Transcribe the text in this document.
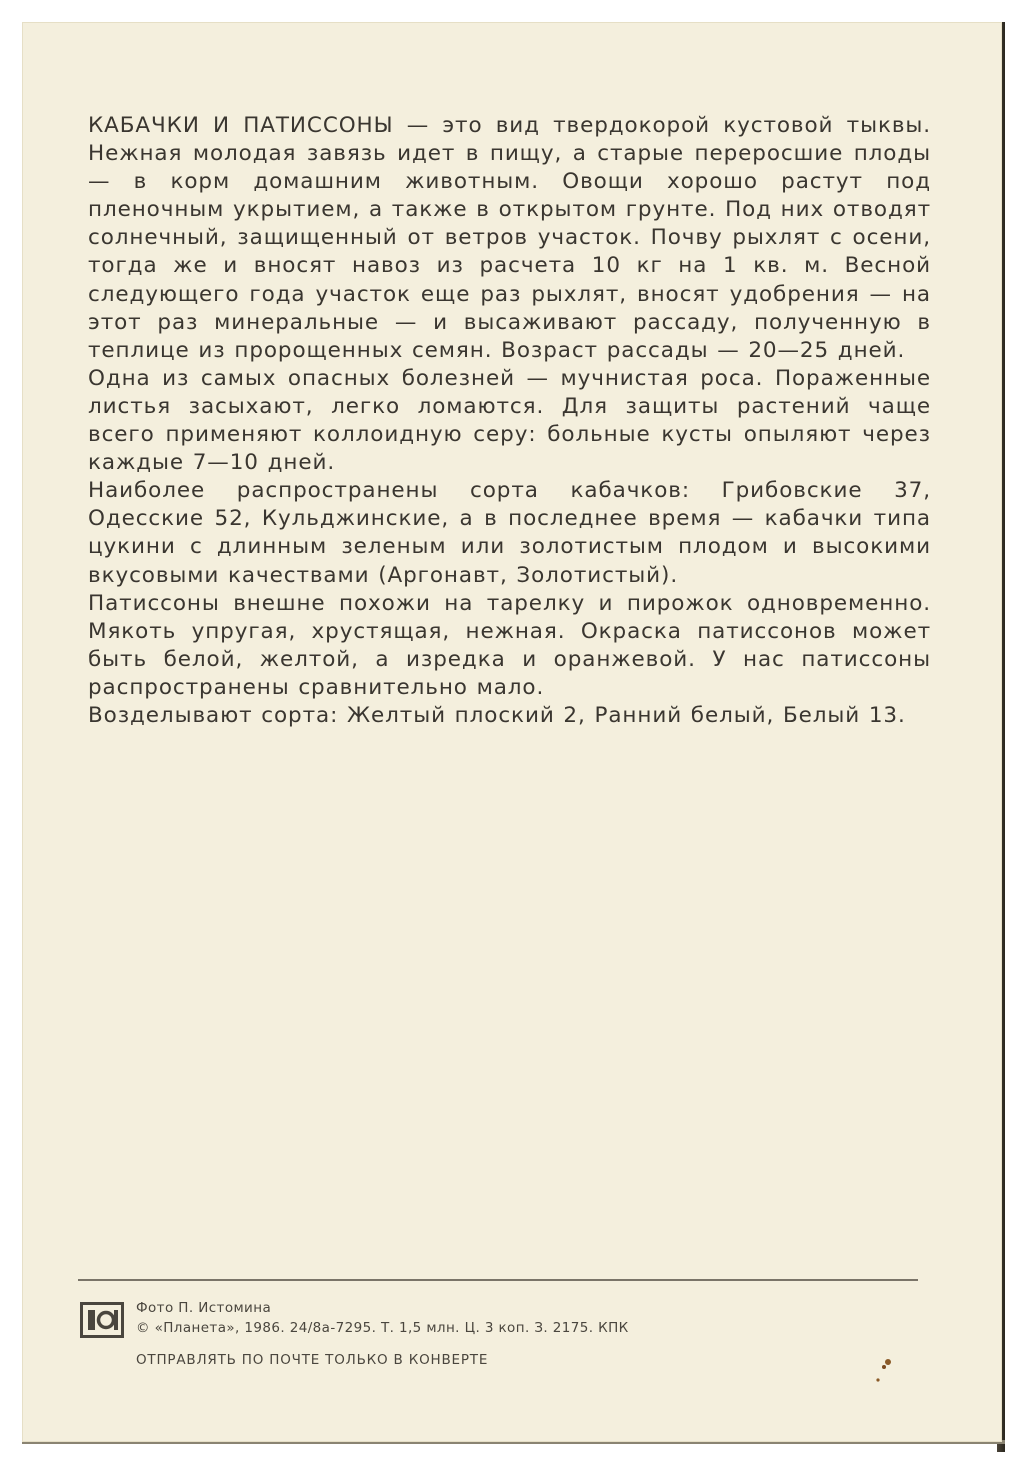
КАБАЧКИ И ПАТИССОНЫ — это вид твердокорой кустовой тыквы. Нежная молодая завязь идет в пищу, а старые переросшие плоды — в корм домашним животным. Овощи хорошо растут под пленочным укрытием, а также в открытом грунте. Под них отводят солнечный, защищенный от ветров участок. Почву рыхлят с осени, тогда же и вносят навоз из расчета 10 кг на 1 кв. м. Весной следующего года участок еще раз рыхлят, вносят удобрения — на этот раз минеральные — и высаживают рассаду, полученную в теплице из пророщенных семян. Возраст рассады — 20—25 дней.

Одна из самых опасных болезней — мучнистая роса. Пораженные листья засыхают, легко ломаются. Для защиты растений чаще всего применяют коллоидную серу: больные кусты опыляют через каждые 7—10 дней.

Наиболее распространены сорта кабачков: Грибовские 37, Одесские 52, Кульджинские, а в последнее время — кабачки типа цукини с длинным зеленым или золотистым плодом и высокими вкусовыми качествами (Аргонавт, Золотистый).

Патиссоны внешне похожи на тарелку и пирожок одновременно. Мякоть упругая, хрустящая, нежная. Окраска патиссонов может быть белой, желтой, а изредка и оранжевой. У нас патиссоны распространены сравнительно мало.

Возделывают сорта: Желтый плоский 2, Ранний белый, Белый 13.

Фото П. Истомина
© «Планета», 1986. 24/8а-7295. Т. 1,5 млн. Ц. 3 коп. З. 2175. КПК
ОТПРАВЛЯТЬ ПО ПОЧТЕ ТОЛЬКО В КОНВЕРТЕ
